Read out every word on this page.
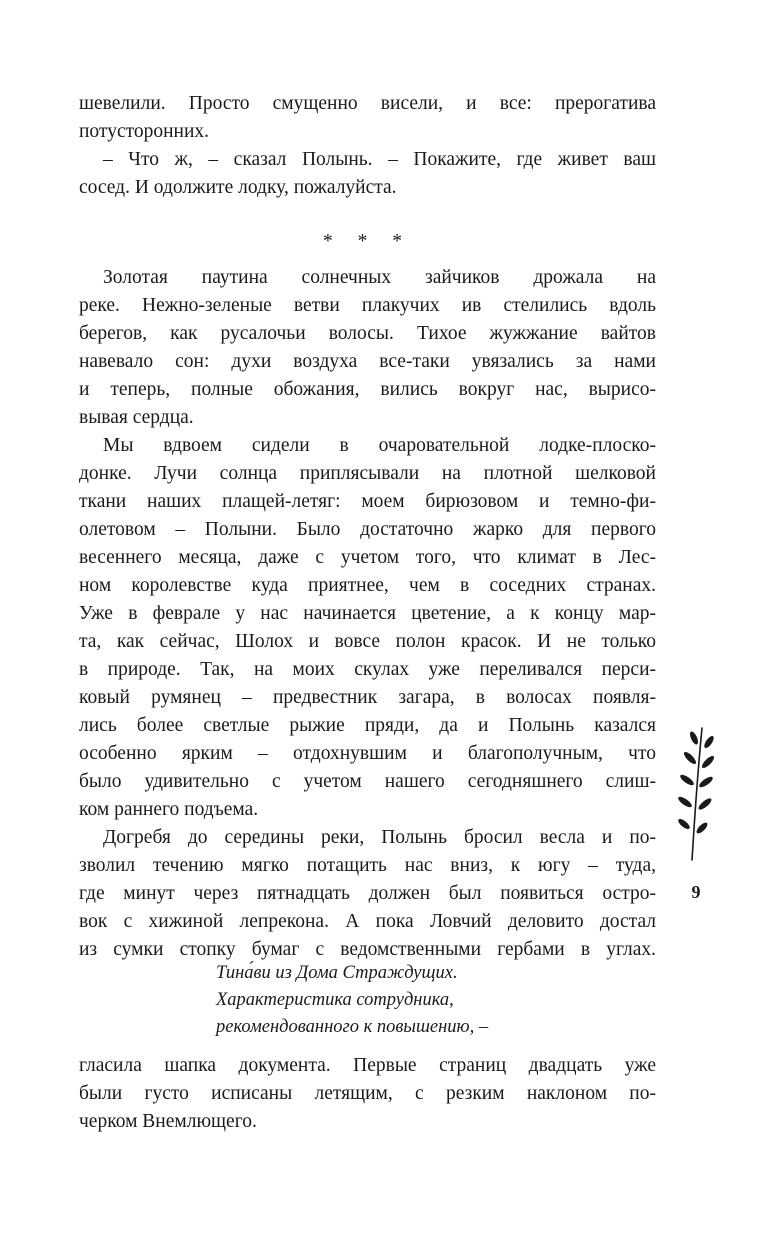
шевелили. Просто смущенно висели, и все: прерогатива
потусторонних.
– Что ж, – сказал Полынь. – Покажите, где живет ваш
сосед. И одолжите лодку, пожалуйста.
* * *
Золотая паутина солнечных зайчиков дрожала на
реке. Нежно-зеленые ветви плакучих ив стелились вдоль
берегов, как русалочьи волосы. Тихое жужжание вайтов
навевало сон: духи воздуха все-таки увязались за нами
и теперь, полные обожания, вились вокруг нас, вырисо-
вывая сердца.
Мы вдвоем сидели в очаровательной лодке-плоско-
донке. Лучи солнца приплясывали на плотной шелковой
ткани наших плащей-летяг: моем бирюзовом и темно-фи-
олетовом – Полыни. Было достаточно жарко для первого
весеннего месяца, даже с учетом того, что климат в Лес-
ном королевстве куда приятнее, чем в соседних странах.
Уже в феврале у нас начинается цветение, а к концу мар-
та, как сейчас, Шолох и вовсе полон красок. И не только
в природе. Так, на моих скулах уже переливался перси-
ковый румянец – предвестник загара, в волосах появля-
лись более светлые рыжие пряди, да и Полынь казался
особенно ярким – отдохнувшим и благополучным, что
было удивительно с учетом нашего сегодняшнего слиш-
ком раннего подъема.
Догребя до середины реки, Полынь бросил весла и по-
зволил течению мягко потащить нас вниз, к югу – туда,
где минут через пятнадцать должен был появиться остро-
вок с хижиной лепрекона. А пока Ловчий деловито достал
из сумки стопку бумаг с ведомственными гербами в углах.
гласила шапка документа. Первые страниц двадцать уже
были густо исписаны летящим, с резким наклоном по-
черком Внемлющего.
Тина́ви из Дома Страждущих.
Характеристика сотрудника,
рекомендованного к повышению, –
9
